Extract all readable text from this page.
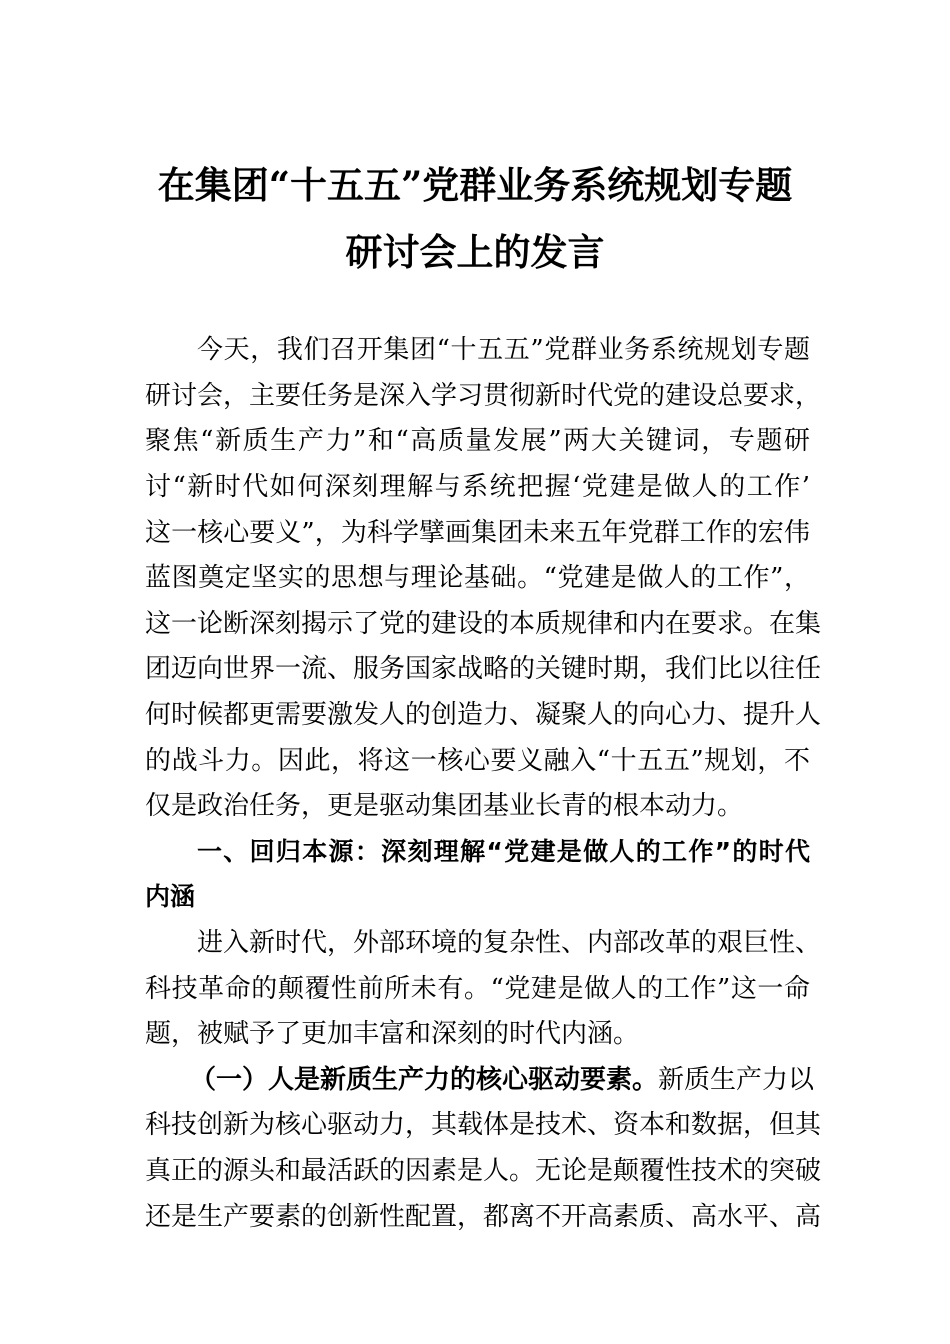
在集团“十五五”党群业务系统规划专题
研讨会上的发言
今天，我们召开集团“十五五”党群业务系统规划专题
研讨会，主要任务是深入学习贯彻新时代党的建设总要求，
聚焦“新质生产力”和“高质量发展”两大关键词，专题研
讨“新时代如何深刻理解与系统把握‘党建是做人的工作’
这一核心要义”，为科学擘画集团未来五年党群工作的宏伟
蓝图奠定坚实的思想与理论基础。“党建是做人的工作”，
这一论断深刻揭示了党的建设的本质规律和内在要求。在集
团迈向世界一流、服务国家战略的关键时期，我们比以往任
何时候都更需要激发人的创造力、凝聚人的向心力、提升人
的战斗力。因此，将这一核心要义融入“十五五”规划，不
仅是政治任务，更是驱动集团基业长青的根本动力。
一、回归本源：深刻理解“党建是做人的工作”的时代
内涵
进入新时代，外部环境的复杂性、内部改革的艰巨性、
科技革命的颠覆性前所未有。“党建是做人的工作”这一命
题，被赋予了更加丰富和深刻的时代内涵。
（一）人是新质生产力的核心驱动要素。新质生产力以
科技创新为核心驱动力，其载体是技术、资本和数据，但其
真正的源头和最活跃的因素是人。无论是颠覆性技术的突破
还是生产要素的创新性配置，都离不开高素质、高水平、高
